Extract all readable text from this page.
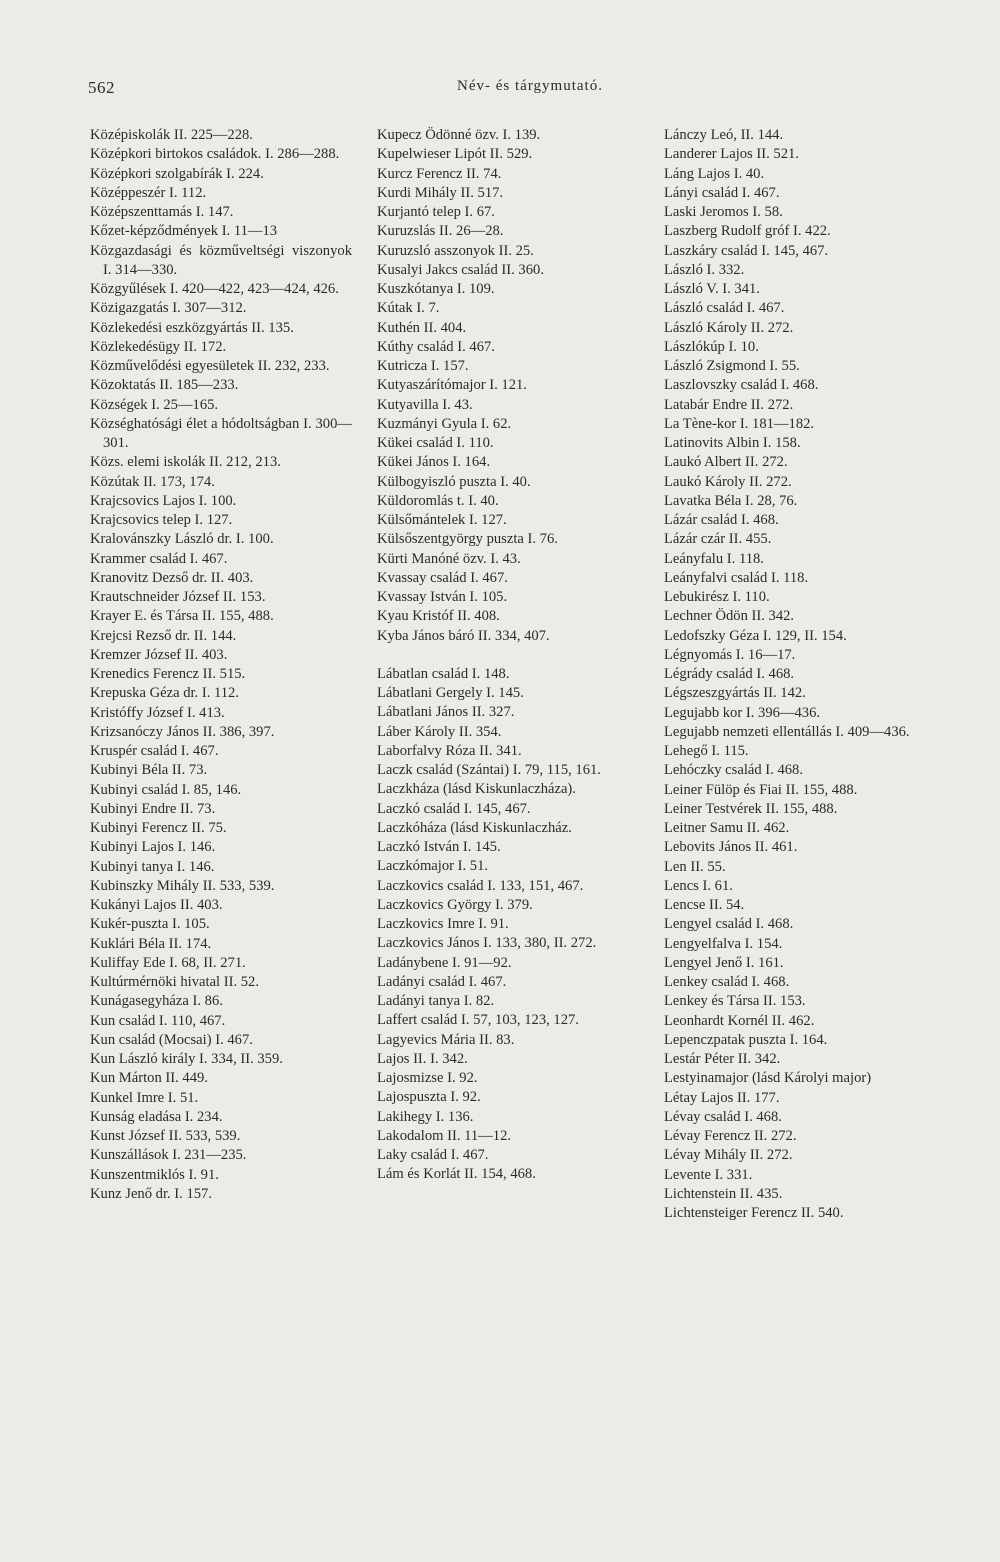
562	Név- és tárgymutató.
Középiskolák II. 225—228.
Középkori birtokos családok. I. 286—288.
Középkori szolgabírák I. 224.
Középpeszér I. 112.
Középszenttamás I. 147.
Kőzet-képződmények I. 11—13
Közgazdasági és közműveltségi viszonyok I. 314—330.
Közgyűlések I. 420—422, 423—424, 426.
Közigazgatás I. 307—312.
Közlekedési eszközgyártás II. 135.
Közlekedésügy II. 172.
Közművelődési egyesületek II. 232, 233.
Közoktatás II. 185—233.
Községek I. 25—165.
Községhatósági élet a hódoltságban I. 300—301.
Közs. elemi iskolák II. 212, 213.
Közútak II. 173, 174.
Krajcsovics Lajos I. 100.
Krajcsovics telep I. 127.
Kralovánszky László dr. I. 100.
Krammer család I. 467.
Kranovitz Dezső dr. II. 403.
Krautschneider József II. 153.
Krayer E. és Társa II. 155, 488.
Krejcsi Rezső dr. II. 144.
Kremzer József II. 403.
Krenedics Ferencz II. 515.
Krepuska Géza dr. I. 112.
Kristóffy József I. 413.
Krizsanóczy János II. 386, 397.
Kruspér család I. 467.
Kubinyi Béla II. 73.
Kubinyi család I. 85, 146.
Kubinyi Endre II. 73.
Kubinyi Ferencz II. 75.
Kubinyi Lajos I. 146.
Kubinyi tanya I. 146.
Kubinszky Mihály II. 533, 539.
Kukányi Lajos II. 403.
Kukér-puszta I. 105.
Kuklári Béla II. 174.
Kuliffay Ede I. 68, II. 271.
Kultúrmérnöki hivatal II. 52.
Kunágasegyháza I. 86.
Kun család I. 110, 467.
Kun család (Mocsai) I. 467.
Kun László király I. 334, II. 359.
Kun Márton II. 449.
Kunkel Imre I. 51.
Kunság eladása I. 234.
Kunst József II. 533, 539.
Kunszállások I. 231—235.
Kunszentmiklós I. 91.
Kunz Jenő dr. I. 157.
Kupecz Ödönné özv. I. 139.
Kupelwieser Lipót II. 529.
Kurcz Ferencz II. 74.
Kurdi Mihály II. 517.
Kurjantó telep I. 67.
Kuruzslás II. 26—28.
Kuruzsló asszonyok II. 25.
Kusalyi Jakcs család II. 360.
Kuszkótanya I. 109.
Kútak I. 7.
Kuthén II. 404.
Kúthy család I. 467.
Kutricza I. 157.
Kutyaszárítómajor I. 121.
Kutyavilla I. 43.
Kuzmányi Gyula I. 62.
Kükei család I. 110.
Kükei János I. 164.
Külbogyiszló puszta I. 40.
Küldoromlás t. I. 40.
Külsőmántelek I. 127.
Külsőszentgyörgy puszta I. 76.
Kürti Manóné özv. I. 43.
Kvassay család I. 467.
Kvassay István I. 105.
Kyau Kristóf II. 408.
Kyba János báró II. 334, 407.
Lábatlan család I. 148.
Lábatlani Gergely I. 145.
Lábatlani János II. 327.
Láber Károly II. 354.
Laborfalvy Róza II. 341.
Laczk család (Szántai) I. 79, 115, 161.
Laczkháza (lásd Kiskunlaczháza).
Laczkó család I. 145, 467.
Laczkóháza (lásd Kiskunlaczház.
Laczkó István I. 145.
Laczkómajor I. 51.
Laczkovics család I. 133, 151, 467.
Laczkovics György I. 379.
Laczkovics Imre I. 91.
Laczkovics János I. 133, 380, II. 272.
Ladánybene I. 91—92.
Ladányi család I. 467.
Ladányi tanya I. 82.
Laffert család I. 57, 103, 123, 127.
Lagyevics Mária II. 83.
Lajos II. I. 342.
Lajosmizse I. 92.
Lajospuszta I. 92.
Lakihegy I. 136.
Lakodalom II. 11—12.
Laky család I. 467.
Lám és Korlát II. 154, 468.
Lánczy Leó, II. 144.
Landerer Lajos II. 521.
Láng Lajos I. 40.
Lányi család I. 467.
Laski Jeromos I. 58.
Laszberg Rudolf gróf I. 422.
Laszkáry család I. 145, 467.
László I. 332.
László V. I. 341.
László család I. 467.
László Károly II. 272.
Lászlókúp I. 10.
László Zsigmond I. 55.
Laszlovszky család I. 468.
Latabár Endre II. 272.
La Tène-kor I. 181—182.
Latinovits Albin I. 158.
Laukó Albert II. 272.
Laukó Károly II. 272.
Lavatka Béla I. 28, 76.
Lázár család I. 468.
Lázár czár II. 455.
Leányfalu I. 118.
Leányfalvi család I. 118.
Lebukirész I. 110.
Lechner Ödön II. 342.
Ledofszky Géza I. 129, II. 154.
Légnyomás I. 16—17.
Légrády család I. 468.
Légszeszgyártás II. 142.
Legujabb kor I. 396—436.
Legujabb nemzeti ellentállás I. 409—436.
Lehegő I. 115.
Lehóczky család I. 468.
Leiner Fülöp és Fiai II. 155, 488.
Leiner Testvérek II. 155, 488.
Leitner Samu II. 462.
Lebovits János II. 461.
Len II. 55.
Lencs I. 61.
Lencse II. 54.
Lengyel család I. 468.
Lengyelfalva I. 154.
Lengyel Jenő I. 161.
Lenkey család I. 468.
Lenkey és Társa II. 153.
Leonhardt Kornél II. 462.
Lepenczpatak puszta I. 164.
Lestár Péter II. 342.
Lestyinamajor (lásd Károlyi major)
Létay Lajos II. 177.
Lévay család I. 468.
Lévay Ferencz II. 272.
Lévay Mihály II. 272.
Levente I. 331.
Lichtenstein II. 435.
Lichtensteiger Ferencz II. 540.
